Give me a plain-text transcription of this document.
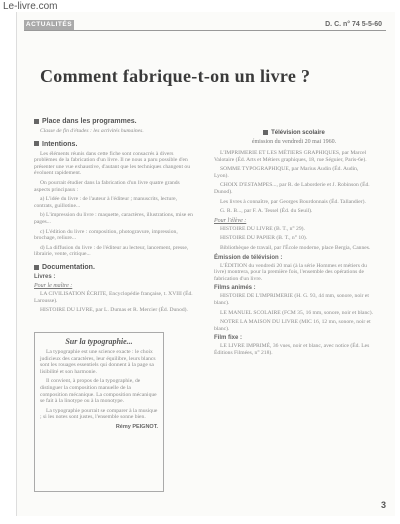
Le-livre.com
ACTUALITÉS	D. C. n° 74 5-5-60
Comment fabrique-t-on un livre ?
Place dans les programmes.

Classe de fin d'études : les activités humaines.

Intentions.

Les éléments réunis dans cette fiche sont consacrés à divers problèmes de la fabrication d'un livre. Il ne nous a paru possible d'en présenter une vue exhaustive, d'autant que les techniques changent ou évoluent rapidement.

On pourrait étudier dans la fabrication d'un livre quatre grands aspects principaux :

a) L'idée du livre : de l'auteur à l'éditeur ; manuscrits, lecture, contrats, guillotine...

b) L'impression du livre : maquette, caractères, illustrations, mise en pages...

c) L'édition du livre : composition, photogravure, impression, brochage, reliure...

d) La diffusion du livre : de l'éditeur au lecteur, lancement, presse, librairie, vente, critique...

Documentation.
Livres :
Pour le maître :

LA CIVILISATION ÉCRITE, Encyclopédie française, t. XVIII (Éd. Larousse).

HISTOIRE DU LIVRE, par L. Dumas et R. Mercier (Éd. Dunod).

Sur la typographie...

La typographie est une science exacte : le choix judicieux des caractères, leur équilibre, leurs blancs sont les rouages essentiels qui donnent à la page sa lisibilité et son harmonie.

Il convient, à propos de la typographie, de distinguer la composition manuelle de la composition mécanique. La composition mécanique se fait à la linotype ou à la monotype.

La typographie pourrait se comparer à la musique ; si les notes sont justes, l'ensemble sonne bien.

Rémy PEIGNOT.
Télévision scolaire
émission du vendredi 20 mai 1960.

L'IMPRIMERIE ET LES MÉTIERS GRAPHIQUES, par Marcel Valotaire (Éd. Arts et Métiers graphiques, 18, rue Séguier, Paris-6e).

SOMME TYPOGRAPHIQUE, par Marius Audin (Éd. Audin, Lyon).

CHOIX D'ESTAMPES..., par R. de Laborderie et J. Robinson (Éd. Dunod).

Les livres à connaître, par Georges Bourdonnais (Éd. Tallandier).

G. R. B..., par F. A. Tessel (Éd. du Seuil).

Pour l'élève :

HISTOIRE DU LIVRE (B. T., n° 29).

HISTOIRE DU PAPIER (B. T., n° 10).

Bibliothèque de travail, par l'École moderne, place Bergia, Cannes.

Émission de télévision :

L'ÉDITION du vendredi 20 mai (à la série Hommes et métiers du livre) montrera, pour la première fois, l'ensemble des opérations de fabrication d'un livre.

Films animés :

HISTOIRE DE L'IMPRIMERIE (H. G. 93, 44 mm, sonore, noir et blanc).

LE MANUEL SCOLAIRE (FCM 35, 16 mm, sonore, noir et blanc).

NOTRE LA MAISON DU LIVRE (MIC 16, 12 mn, sonore, noir et blanc).

Film fixe :

LE LIVRE IMPRIMÉ, 36 vues, noir et blanc, avec notice (Éd. Les Éditions Filmées, n° 218).

3
